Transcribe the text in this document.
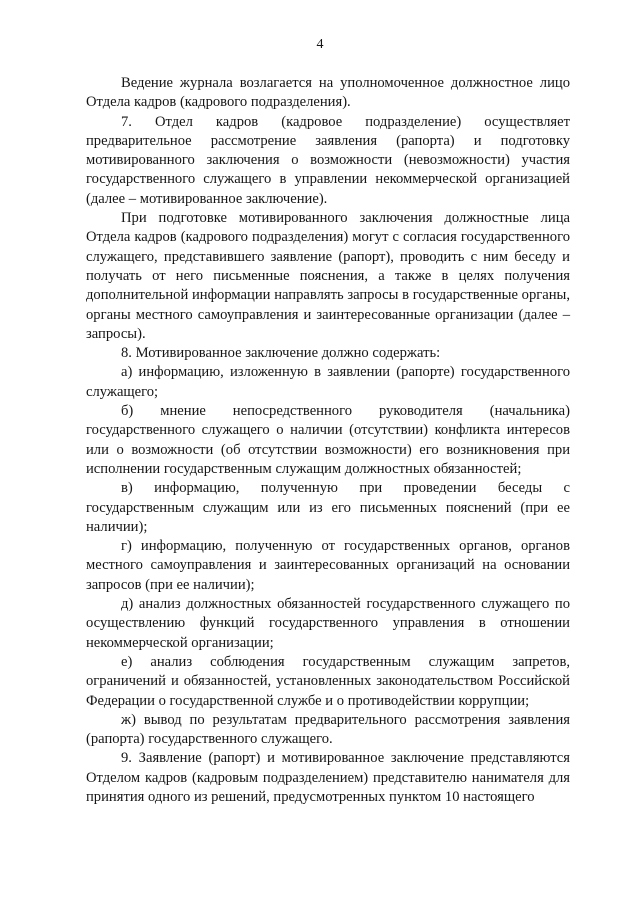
4

Ведение журнала возлагается на уполномоченное должностное лицо Отдела кадров (кадрового подразделения).

7. Отдел кадров (кадровое подразделение) осуществляет предварительное рассмотрение заявления (рапорта) и подготовку мотивированного заключения о возможности (невозможности) участия государственного служащего в управлении некоммерческой организацией (далее – мотивированное заключение).

При подготовке мотивированного заключения должностные лица Отдела кадров (кадрового подразделения) могут с согласия государственного служащего, представившего заявление (рапорт), проводить с ним беседу и получать от него письменные пояснения, а также в целях получения дополнительной информации направлять запросы в государственные органы, органы местного самоуправления и заинтересованные организации (далее – запросы).

8. Мотивированное заключение должно содержать:

а) информацию, изложенную в заявлении (рапорте) государственного служащего;

б) мнение непосредственного руководителя (начальника) государственного служащего о наличии (отсутствии) конфликта интересов или о возможности (об отсутствии возможности) его возникновения при исполнении государственным служащим должностных обязанностей;

в) информацию, полученную при проведении беседы с государственным служащим или из его письменных пояснений (при ее наличии);

г) информацию, полученную от государственных органов, органов местного самоуправления и заинтересованных организаций на основании запросов (при ее наличии);

д) анализ должностных обязанностей государственного служащего по осуществлению функций государственного управления в отношении некоммерческой организации;

е) анализ соблюдения государственным служащим запретов, ограничений и обязанностей, установленных законодательством Российской Федерации о государственной службе и о противодействии коррупции;

ж) вывод по результатам предварительного рассмотрения заявления (рапорта) государственного служащего.

9. Заявление (рапорт) и мотивированное заключение представляются Отделом кадров (кадровым подразделением) представителю нанимателя для принятия одного из решений, предусмотренных пунктом 10 настоящего
